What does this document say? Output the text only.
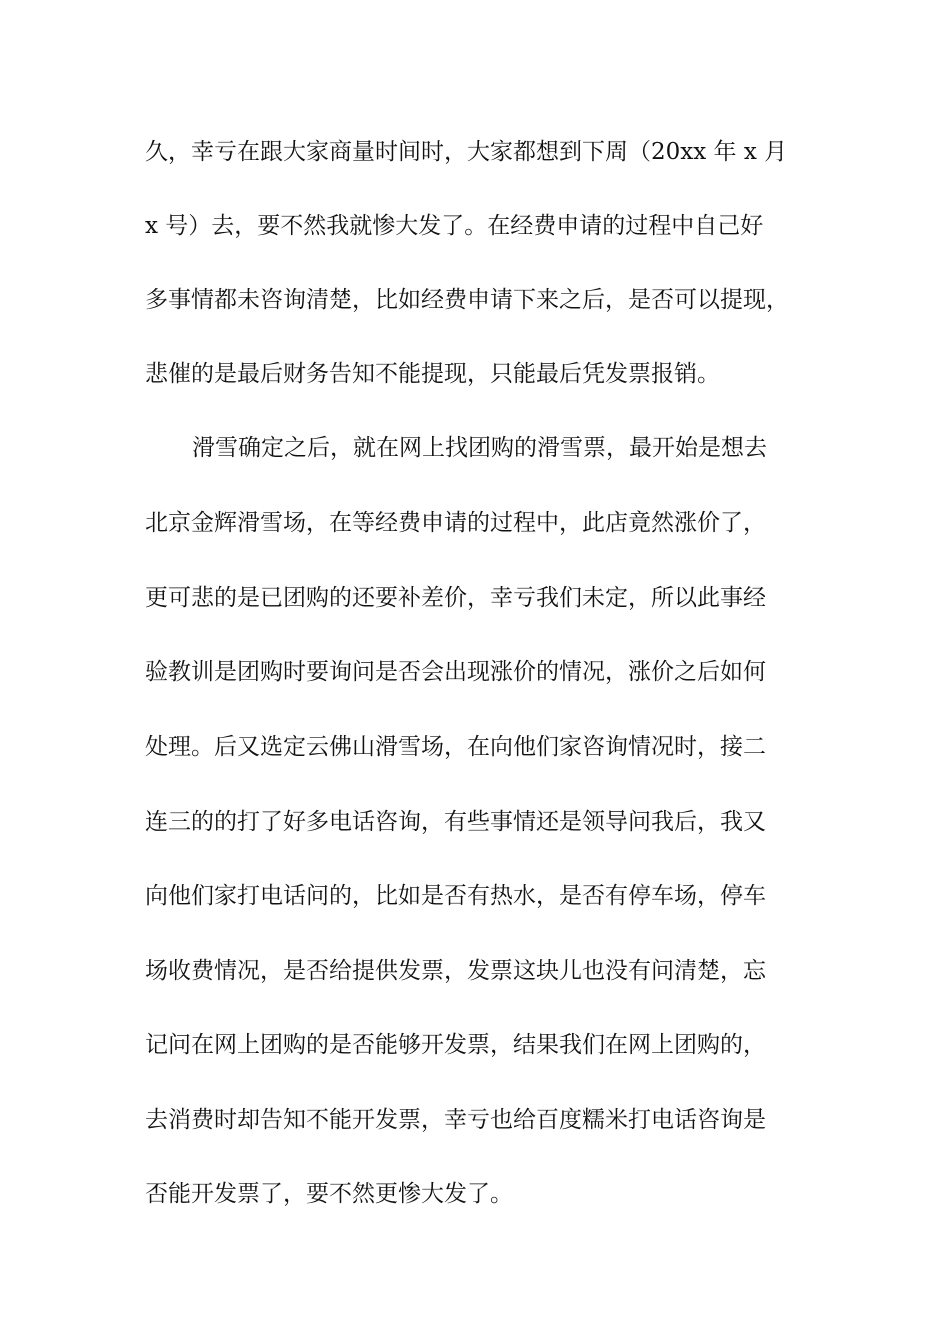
久，幸亏在跟大家商量时间时，大家都想到下周（20xx 年 x 月

x 号）去，要不然我就惨大发了。在经费申请的过程中自己好

多事情都未咨询清楚，比如经费申请下来之后，是否可以提现，

悲催的是最后财务告知不能提现，只能最后凭发票报销。

滑雪确定之后，就在网上找团购的滑雪票，最开始是想去

北京金辉滑雪场，在等经费申请的过程中，此店竟然涨价了，

更可悲的是已团购的还要补差价，幸亏我们未定，所以此事经

验教训是团购时要询问是否会出现涨价的情况，涨价之后如何

处理。后又选定云佛山滑雪场，在向他们家咨询情况时，接二

连三的的打了好多电话咨询，有些事情还是领导问我后，我又

向他们家打电话问的，比如是否有热水，是否有停车场，停车

场收费情况，是否给提供发票，发票这块儿也没有问清楚，忘

记问在网上团购的是否能够开发票，结果我们在网上团购的，

去消费时却告知不能开发票，幸亏也给百度糯米打电话咨询是

否能开发票了，要不然更惨大发了。
